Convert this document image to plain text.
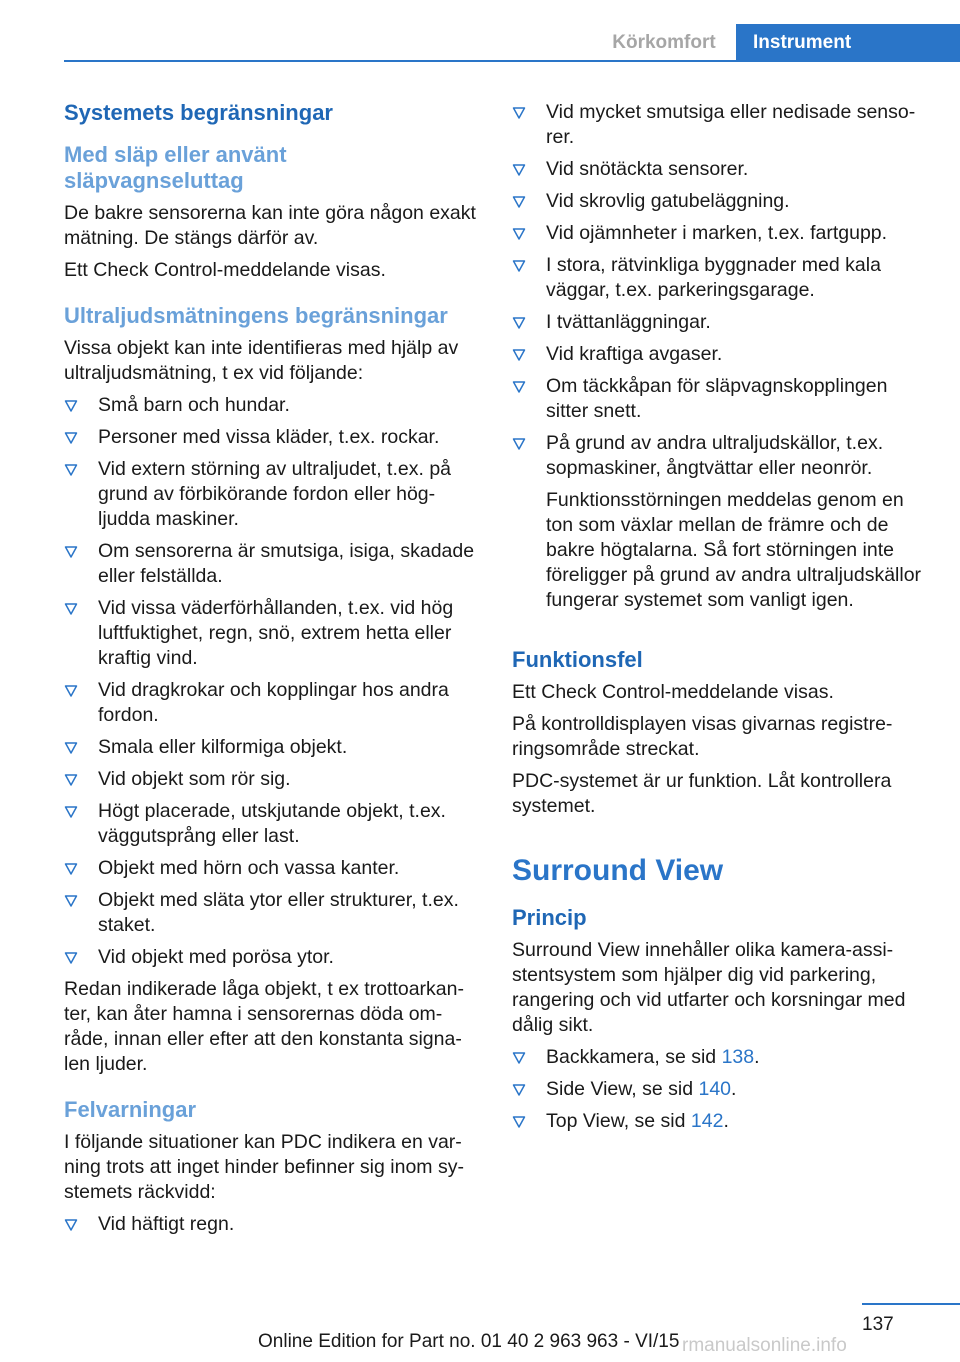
Körkomfort	Instrument
Systemets begränsningar
Med släp eller använt släpvagnseluttag

De bakre sensorerna kan inte göra någon exakt mätning. De stängs därför av.

Ett Check Control-meddelande visas.

Ultraljudsmätningens begränsningar

Vissa objekt kan inte identifieras med hjälp av ultraljudsmätning, t ex vid följande:

Små barn och hundar.
Personer med vissa kläder, t.ex. rockar.
Vid extern störning av ultraljudet, t.ex. på grund av förbikörande fordon eller hög-ljudda maskiner.
Om sensorerna är smutsiga, isiga, skadade eller felställda.
Vid vissa väderförhållanden, t.ex. vid hög luftfuktighet, regn, snö, extrem hetta eller kraftig vind.
Vid dragkrokar och kopplingar hos andra fordon.
Smala eller kilformiga objekt.
Vid objekt som rör sig.
Högt placerade, utskjutande objekt, t.ex. väggutsprång eller last.
Objekt med hörn och vassa kanter.
Objekt med släta ytor eller strukturer, t.ex. staket.
Vid objekt med porösa ytor.

Redan indikerade låga objekt, t ex trottoarkan-ter, kan åter hamna i sensorernas döda om-råde, innan eller efter att den konstanta signa-len ljuder.

Felvarningar

I följande situationer kan PDC indikera en var-ning trots att inget hinder befinner sig inom sy-stemets räckvidd:

Vid häftigt regn.
Vid mycket smutsiga eller nedisade senso-rer.
Vid snötäckta sensorer.
Vid skrovlig gatubeläggning.
Vid ojämnheter i marken, t.ex. fartgupp.
I stora, rätvinkliga byggnader med kala väggar, t.ex. parkeringsgarage.
I tvättanläggningar.
Vid kraftiga avgaser.
Om täckkåpan för släpvagnskopplingen sitter snett.
På grund av andra ultraljudskällor, t.ex. sopmaskiner, ångtvättar eller neonrör.
Funktionsstörningen meddelas genom en ton som växlar mellan de främre och de bakre högtalarna. Så fort störningen inte föreligger på grund av andra ultraljudskällor fungerar systemet som vanligt igen.
Funktionsfel

Ett Check Control-meddelande visas.

På kontrolldisplayen visas givarnas registre-ringsområde streckat.

PDC-systemet är ur funktion. Låt kontrollera systemet.

Surround View
Princip

Surround View innehåller olika kamera-assi-stentsystem som hjälper dig vid parkering, rangering och vid utfarter och korsningar med dålig sikt.

Backkamera, se sid 138.
Side View, se sid 140.
Top View, se sid 142.
137
Online Edition for Part no. 01 40 2 963 963 - VI/15 rmanualsonline.info
